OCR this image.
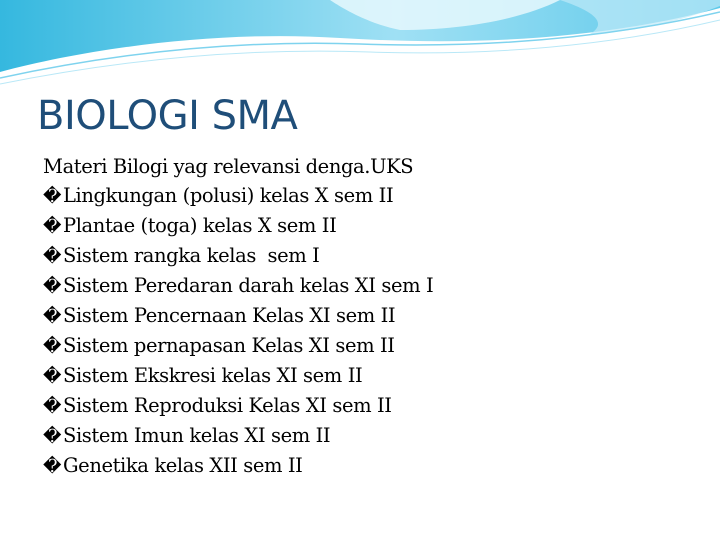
BIOLOGI SMA
Materi Bilogi yag relevansi denga.UKS
�Lingkungan (polusi) kelas X sem II
�Plantae (toga) kelas X sem II
�Sistem rangka kelas  sem I
�Sistem Peredaran darah kelas XI sem I
�Sistem Pencernaan Kelas XI sem II
�Sistem pernapasan Kelas XI sem II
�Sistem Ekskresi kelas XI sem II
�Sistem Reproduksi Kelas XI sem II
�Sistem Imun kelas XI sem II
�Genetika kelas XII sem II
